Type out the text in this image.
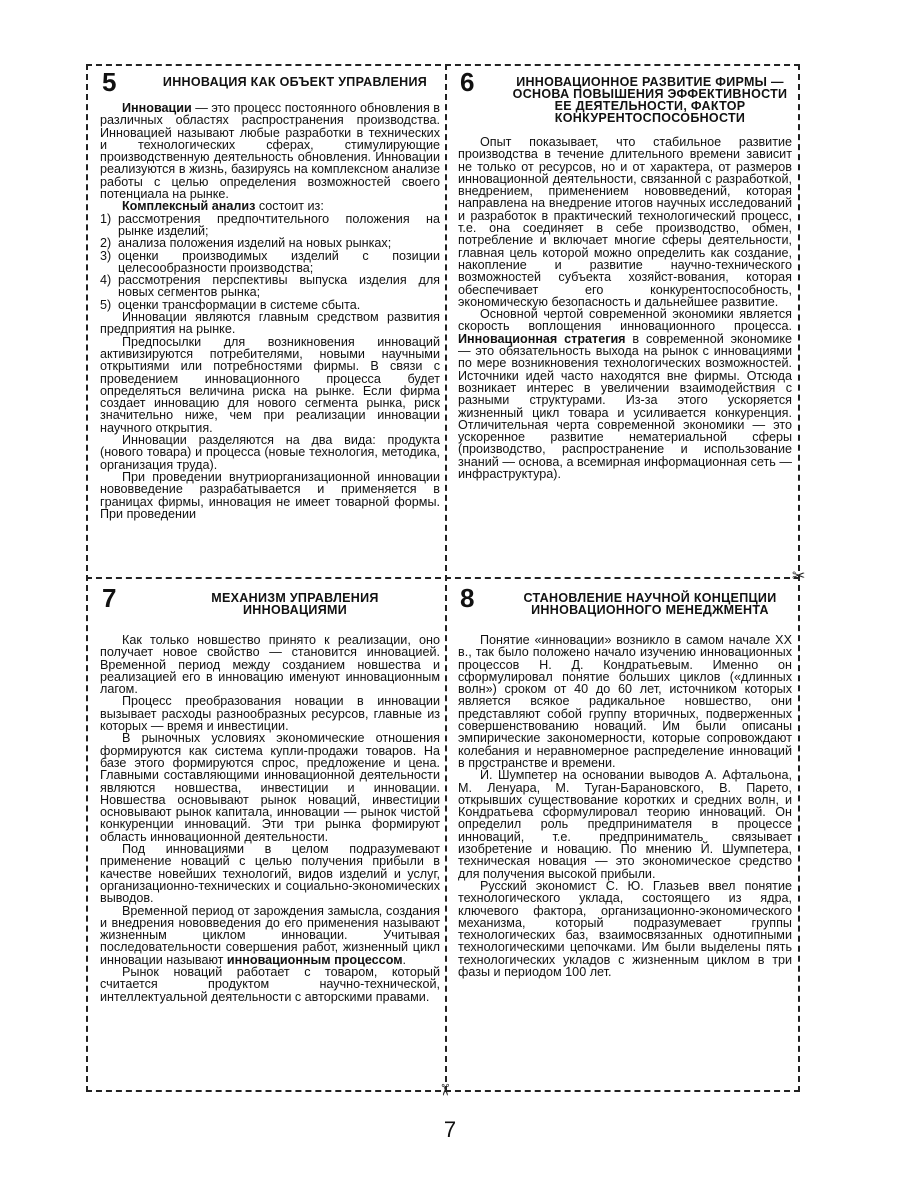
5	ИННОВАЦИЯ КАК ОБЪЕКТ УПРАВЛЕНИЯ

Инновации — это процесс постоянного обновления в различных областях распространения производства. Инновацией называют любые разработки в технических и технологических сферах, стимулирующие производственную деятельность обновления. Инновации реализуются в жизнь, базируясь на комплексном анализе работы с целью определения возможностей своего потенциала на рынке.

Комплексный анализ состоит из:

1) рассмотрения предпочтительного положения на рынке изделий;

2) анализа положения изделий на новых рынках;

3) оценки производимых изделий с позиции целесообразности производства;

4) рассмотрения перспективы выпуска изделия для новых сегментов рынка;

5) оценки трансформации в системе сбыта.

Инновации являются главным средством развития предприятия на рынке.

Предпосылки для возникновения инноваций активизируются потребителями, новыми научными открытиями или потребностями фирмы. В связи с проведением инновационного процесса будет определяться величина риска на рынке. Если фирма создает инновацию для нового сегмента рынка, риск значительно ниже, чем при реализации инновации научного открытия.

Инновации разделяются на два вида: продукта (нового товара) и процесса (новые технология, методика, организация труда).

При проведении внутриорганизационной инновации нововведение разрабатывается и применяется в границах фирмы, инновация не имеет товарной формы. При проведении

6	ИННОВАЦИОННОЕ РАЗВИТИЕ ФИРМЫ — ОСНОВА ПОВЫШЕНИЯ ЭФФЕКТИВНОСТИ ЕЕ ДЕЯТЕЛЬНОСТИ, ФАКТОР КОНКУРЕНТОСПОСОБНОСТИ

Опыт показывает, что стабильное развитие производства в течение длительного времени зависит не только от ресурсов, но и от характера, от размеров инновационной деятельности, связанной с разработкой, внедрением, применением нововведений, которая направлена на внедрение итогов научных исследований и разработок в практический технологический процесс, т.е. она соединяет в себе производство, обмен, потребление и включает многие сферы деятельности, главная цель которой можно определить как создание, накопление и развитие научно-технического возможностей субъекта хозяйст-вования, которая обеспечивает его конкурентоспособность, экономическую безопасность и дальнейшее развитие.

Основной чертой современной экономики является скорость воплощения инновационного процесса. Инновационная стратегия в современной экономике — это обязательность выхода на рынок с инновациями по мере возникновения технологических возможностей. Источники идей часто находятся вне фирмы. Отсюда возникает интерес в увеличении взаимодействия с разными структурами. Из-за этого ускоряется жизненный цикл товара и усиливается конкуренция. Отличительная черта современной экономики — это ускоренное развитие нематериальной сферы (производство, распространение и использование знаний — основа, а всемирная информационная сеть — инфраструктура).

7	МЕХАНИЗМ УПРАВЛЕНИЯ ИННОВАЦИЯМИ

Как только новшество принято к реализации, оно получает новое свойство — становится инновацией. Временной период между созданием новшества и реализацией его в инновацию именуют инновационным лагом.

Процесс преобразования новации в инновации вызывает расходы разнообразных ресурсов, главные из которых — время и инвестиции.

В рыночных условиях экономические отношения формируются как система купли-продажи товаров. На базе этого формируются спрос, предложение и цена. Главными составляющими инновационной деятельности являются новшества, инвестиции и инновации. Новшества основывают рынок новаций, инвестиции основывают рынок капитала, инновации — рынок чистой конкуренции инноваций. Эти три рынка формируют область инновационной деятельности.

Под инновациями в целом подразумевают применение новаций с целью получения прибыли в качестве новейших технологий, видов изделий и услуг, организационно-технических и социально-экономических выводов.

Временной период от зарождения замысла, создания и внедрения нововведения до его применения называют жизненным циклом инновации. Учитывая последовательности совершения работ, жизненный цикл инновации называют инновационным процессом.

Рынок новаций работает с товаром, который считается продуктом научно-технической, интеллектуальной деятельности с авторскими правами.

8	СТАНОВЛЕНИЕ НАУЧНОЙ КОНЦЕПЦИИ ИННОВАЦИОННОГО МЕНЕДЖМЕНТА

Понятие «инновации» возникло в самом начале XX в., так было положено начало изучению инновационных процессов Н. Д. Кондратьевым. Именно он сформулировал понятие больших циклов («длинных волн») сроком от 40 до 60 лет, источником которых является всякое радикальное новшество, они представляют собой группу вторичных, подверженных совершенствованию новаций. Им были описаны эмпирические закономерности, которые сопровождают колебания и неравномерное распределение инноваций в пространстве и времени.

Й. Шумпетер на основании выводов А. Афтальона, М. Ленуара, М. Туган-Барановского, В. Парето, открывших существование коротких и средних волн, и Кондратьева сформулировал теорию инноваций. Он определил роль предпринимателя в процессе инноваций, т.е. предприниматель связывает изобретение и новацию. По мнению Й. Шумпетера, техническая новация — это экономическое средство для получения высокой прибыли.

Русский экономист С. Ю. Глазьев ввел понятие технологического уклада, состоящего из ядра, ключевого фактора, организационно-экономического механизма, который подразумевает группы технологических баз, взаимосвязанных однотипными технологическими цепочками. Им были выделены пять технологических укладов с жизненным циклом в три фазы и периодом 100 лет.

✂
✂
7
